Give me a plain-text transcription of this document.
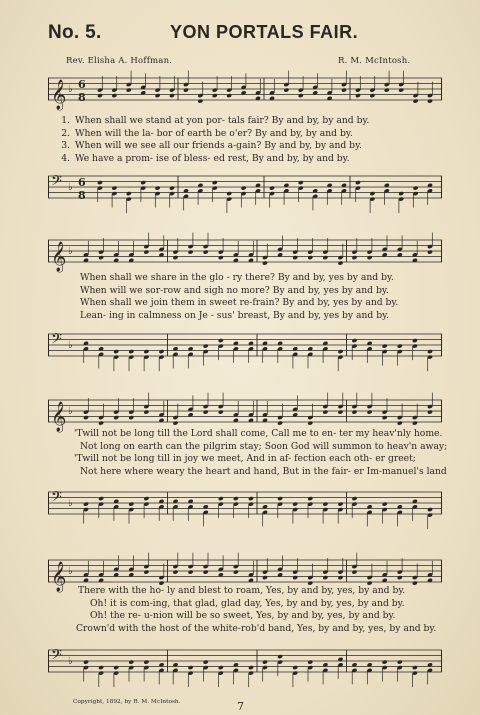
No. 5.	YON PORTALS FAIR.
Rev. Elisha A. Hoffman.	R. M. McIntosh.
𝄞 ♭ 6
8
1. When shall we stand at yon por- tals fair? By and by, by and by.
2. When will the la- bor of earth be o'er? By and by, by and by.
3. When will we see all our friends a-gain? By and by, by and by.
4. We have a prom- ise of bless- ed rest, By and by, by and by.
𝄢 ♭ 6
8
𝄞 ♭
When shall we share in the glo - ry there? By and by, yes by and by.
When will we sor-row and sigh no more? By and by, yes by and by.
When shall we join them in sweet re-frain? By and by, yes by and by.
Lean- ing in calmness on Je - sus' breast, By and by, yes by and by.
𝄢 ♭
𝄞 ♭
'Twill not be long till the Lord shall come, Call me to en- ter my heav'nly home.
Not long on earth can the pilgrim stay; Soon God will summon to heav'n away;
'Twill not be long till in joy we meet, And in af- fection each oth- er greet;
Not here where weary the heart and hand, But in the fair- er Im-manuel's land
𝄢 ♭
𝄞 ♭
There with the ho- ly and blest to roam, Yes, by and by, yes, by and by.
Oh! it is com-ing, that glad, glad day, Yes, by and by, yes, by and by.
Oh! the re- u-nion will be so sweet, Yes, by and by, yes, by and by.
Crown'd with the host of the white-rob'd band, Yes, by and by, yes, by and by.
𝄢 ♭
Copyright, 1892, by R. M. McIntosh.	7
